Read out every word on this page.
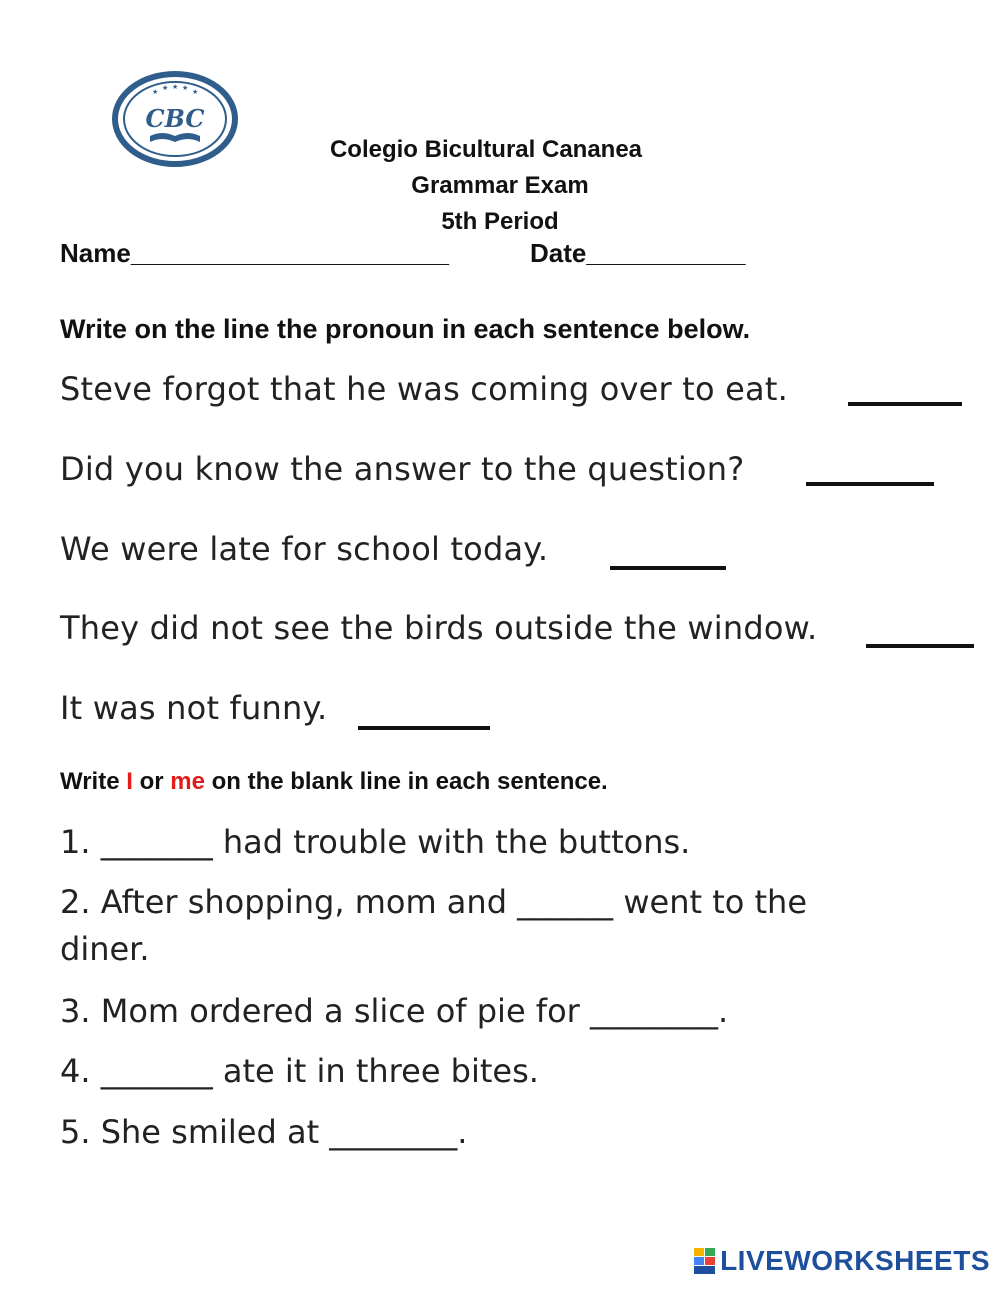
★ ★ ★ ★ ★
CBC
Colegio Bicultural Cananea
Grammar Exam
5th Period
Name______________________	Date___________
Write on the line the pronoun in each sentence below.
Steve forgot that he was coming over to eat.
Did you know the answer to the question?
We were late for school today.
They did not see the birds outside the window.
It was not funny.
Write I or me on the blank line in each sentence.
1. _______ had trouble with the buttons.
2. After shopping, mom and ______ went to the
diner.
3. Mom ordered a slice of pie for ________.
4. _______ ate it in three bites.
5. She smiled at ________.
LIVEWORKSHEETS
